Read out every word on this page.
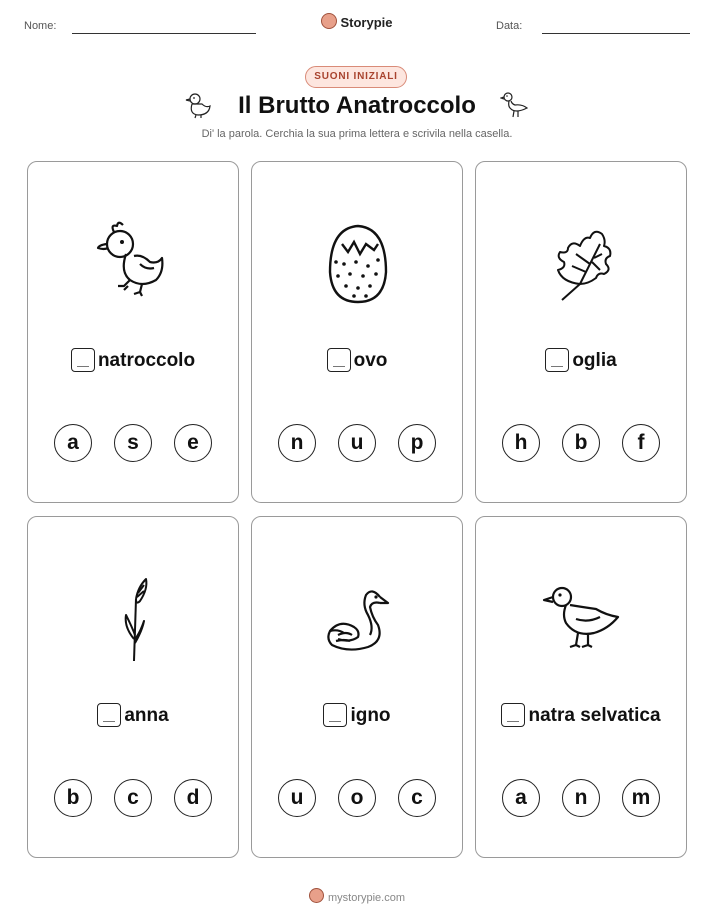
Nome:	Storypie	Data:
SUONI INIZIALI
Il Brutto Anatroccolo
Di' la parola. Cerchia la sua prima lettera e scrivila nella casella.
natroccolo
a	s	e
ovo
n	u	p
oglia
h	b	f
anna
b	c	d
igno
u	o	c
natra selvatica
a	n	m
mystorypie.com
